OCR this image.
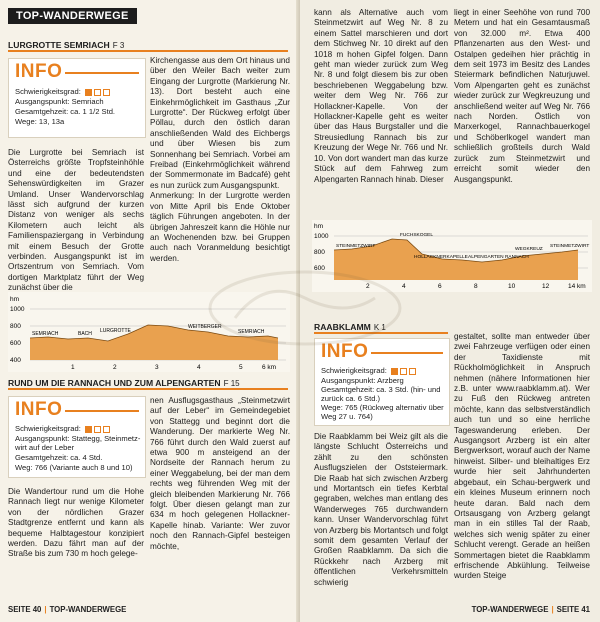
TOP-WANDERWEGE
LURGROTTE SEMRIACH F 3
INFO
Schwierigkeitsgrad:
Ausgangspunkt: Semriach
Gesamtgehzeit: ca. 1 1/2 Std.
Wege: 13, 13a

Die Lurgrotte bei Semriach ist Österreichs größte Tropfsteinhöhle und eine der bedeutendsten Sehenswürdigkeiten im Grazer Umland. Unser Wandervorschlag lässt sich aufgrund der kurzen Distanz von weniger als sechs Kilometern auch leicht als Familienspaziergang in Verbindung mit einem Besuch der Grotte verbinden. Ausgangspunkt ist im Ortszentrum von Semriach. Vom dortigen Marktplatz führt der Weg zunächst über die

Kirchengasse aus dem Ort hinaus und über den Weiler Bach weiter zum Eingang der Lurgrotte (Markierung Nr. 13). Dort besteht auch eine Einkehrmöglichkeit im Gasthaus „Zur Lurgrotte“. Der Rückweg erfolgt über Pöllau, durch den östlich daran anschließenden Wald des Eichbergs und über Wiesen bis zum Sonnenhang bei Semriach. Vorbei am Freibad (Einkehrmöglichkeit während der Sommermonate im Badcafé) geht es nun zurück zum Ausgangspunkt.

Anmerkung: In der Lurgrotte werden von Mitte April bis Ende Oktober täglich Führungen angeboten. In der übrigen Jahreszeit kann die Höhle nur an Wochenenden bzw. bei Gruppen auch nach Voranmeldung besichtigt werden.

hm
1000
800
600
400
SEMRIACH	BACH LURGROTTE
WEITBERGER
SEMRIACH
1	2	3	4	5	6 km
RUND UM DIE RANNACH UND ZUM ALPENGARTEN F 15
INFO
Schwierigkeitsgrad:
Ausgangspunkt: Stattegg, Steinmetz-
wirt auf der Leber
Gesamtgehzeit: ca. 4 Std.
Weg: 766 (Variante auch 8 und 10)

Die Wandertour rund um die Hohe Rannach liegt nur wenige Kilometer von der nördlichen Grazer Stadtgrenze entfernt und kann als bequeme Halbtagestour konzipiert werden. Dazu fährt man auf der Straße bis zum 730 m hoch gelege-

nen Ausflugsgasthaus „Steinmetzwirt auf der Leber“ im Gemeindegebiet von Stattegg und beginnt dort die Wanderung. Der markierte Weg Nr. 766 führt durch den Wald zuerst auf etwa 900 m ansteigend an der Nordseite der Rannach herum zu einer Weggabelung, bei der man dem rechts weg führenden Weg mit der gleich bleibenden Markierung Nr. 766 folgt. Über diesen gelangt man zur 634 m hoch gelegenen Hollackner-Kapelle hinab. Variante: Wer zuvor noch den Rannach-Gipfel besteigen möchte,

SEITE 40 | TOP-WANDERWEGE

kann als Alternative auch vom Steinmetzwirt auf Weg Nr. 8 zu einem Sattel marschieren und dort dem Stichweg Nr. 10 direkt auf den 1018 m hohen Gipfel folgen. Dann geht man wieder zurück zum Weg Nr. 8 und folgt diesem bis zur oben beschriebenen Weggabelung bzw. weiter dem Weg Nr. 766 zur Hollackner-Kapelle. Von der Hollackner-Kapelle geht es weiter über das Haus Burgstaller und die Streusiedlung Rannach bis zur Kreuzung der Wege Nr. 766 und Nr. 10. Von dort wandert man das kurze Stück auf dem Fahrweg zum Alpengarten Rannach hinab. Dieser

liegt in einer Seehöhe von rund 700 Metern und hat ein Gesamtausmaß von 32.000 m². Etwa 400 Pflanzenarten aus den West- und Ostalpen gedeihen hier prächtig in dem seit 1973 im Besitz des Landes Steiermark befindlichen Naturjuwel. Vom Alpengarten geht es zunächst wieder zurück zur Wegkreuzung und anschließend weiter auf Weg Nr. 766 nach Norden. Östlich von Marxerkogel, Rannachbauerkogel und Schöberlkogel wandert man schließlich großteils durch Wald zurück zum Steinmetzwirt und erreicht somit wieder den Ausgangspunkt.

hm
1000
800
600
STEINMETZWIRT
FUCHSKOGEL
HOLLACKNERKAPELLE ALPENGARTEN RANNACH
WEGKREUZ
STEINMETZWIRT
2	4	6	8	10	12	14 km
RAABKLAMM K 1
INFO
Schwierigkeitsgrad:
Ausgangspunkt: Arzberg
Gesamtgehzeit: ca. 3 Std. (hin- und
zurück ca. 6 Std.)
Wege: 765 (Rückweg alternativ über
Weg 27 u. 764)

Die Raabklamm bei Weiz gilt als die längste Schlucht Österreichs und zählt zu den schönsten Ausflugszielen der Oststeiermark. Die Raab hat sich zwischen Arzberg und Mortantsch ein tiefes Kerbtal gegraben, welches man entlang des Wanderweges 765 durchwandern kann. Unser Wandervorschlag führt von Arzberg bis Mortantsch und folgt somit dem gesamten Verlauf der Großen Raabklamm. Da sich die Rückkehr nach Arzberg mit öffentlichen Verkehrsmitteln schwierig

gestaltet, sollte man entweder über zwei Fahrzeuge verfügen oder einen der Taxidienste mit Rückholmöglichkeit in Anspruch nehmen (nähere Informationen hier z.B. unter www.raabklamm.at). Wer zu Fuß den Rückweg antreten möchte, kann das selbstverständlich auch tun und so eine herrliche Tageswanderung erleben. Der Ausgangsort Arzberg ist ein alter Bergwerksort, worauf auch der Name hinweist. Silber- und bleihaltiges Erz wurde hier seit Jahrhunderten abgebaut, ein Schau-bergwerk und ein kleines Museum erinnern noch heute daran. Bald nach dem Ortsausgang von Arzberg gelangt man in ein stilles Tal der Raab, welches sich wenig später zu einer Schlucht verengt. Gerade an heißen Sommertagen bietet die Raabklamm erfrischende Abkühlung. Teilweise wurden Steige

TOP-WANDERWEGE | SEITE 41
